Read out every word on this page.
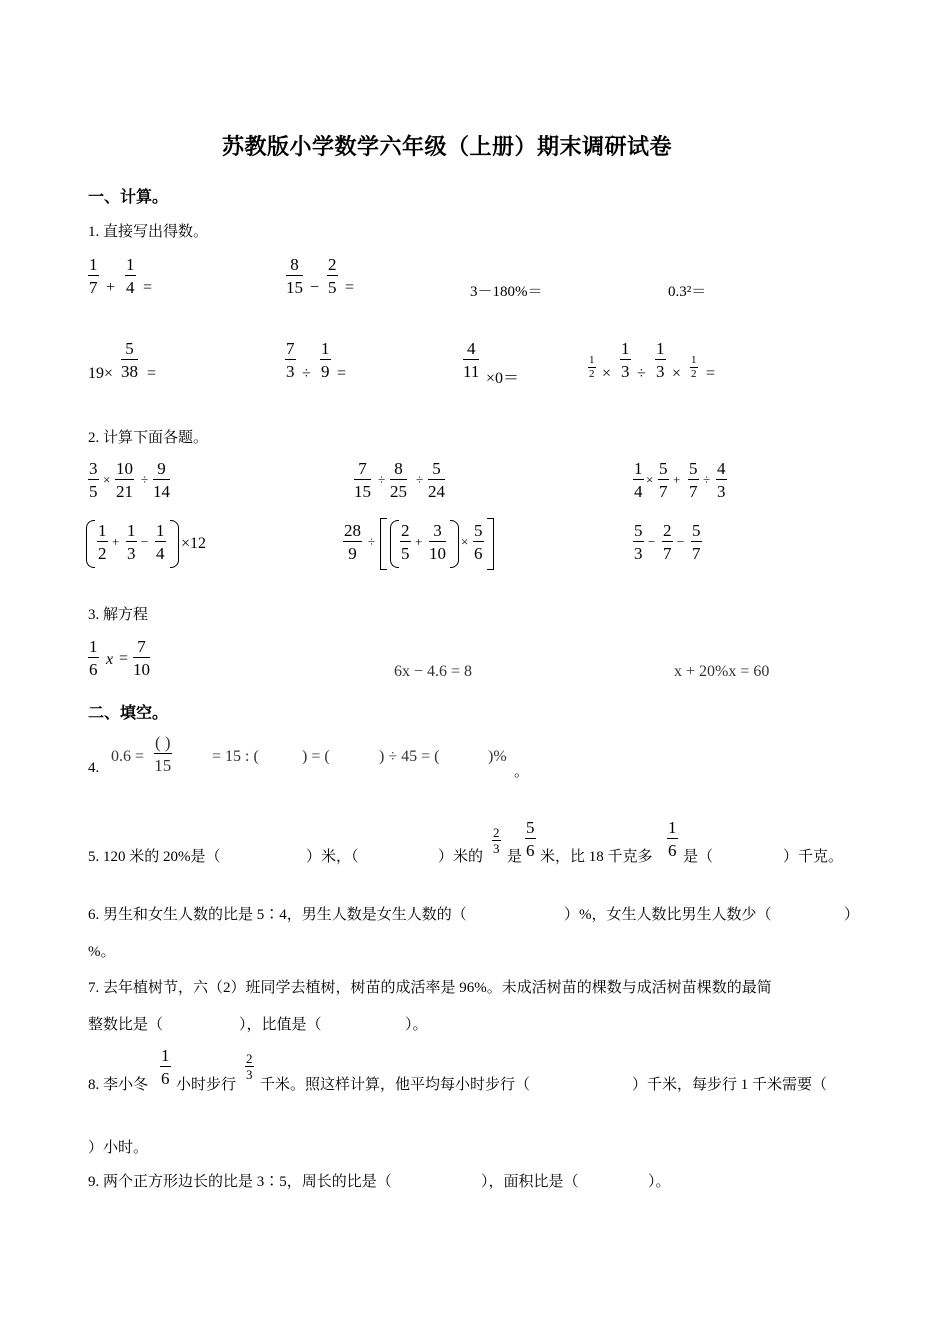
苏教版小学数学六年级（上册）期末调研试卷
一、计算。
1. 直接写出得数。
$\frac{1}{7} + \frac{1}{4}$ =	$\frac{8}{15} - \frac{2}{5}$ =	3－180%＝	0.3²＝
$19\times \frac{5}{38}$ =	$\frac{7}{3} \div \frac{1}{9}$ =	$\frac{4}{11} \times 0=$	$\frac{1}{2} \times \frac{1}{3} \div \frac{1}{3} \times \frac{1}{2}$ =
2. 计算下面各题。
$\frac{3}{5} \times \frac{10}{21} \div \frac{9}{14}$	$\frac{7}{15} \div \frac{8}{25} \div \frac{5}{24}$	$\frac{1}{4} \times \frac{5}{7} + \frac{5}{7} \div \frac{4}{3}$
$\frac{1}{2} + \frac{1}{3} - \frac{1}{4} \times 12$	$\frac{28}{9} \div \frac{2}{5} + \frac{3}{10} \times \frac{5}{6}$	$\frac{5}{3} - \frac{2}{7} - \frac{5}{7}$
3. 解方程
$\frac{1}{6}$ $x = \frac{7}{10}$	6x − 4.6 = 8	x + 20%x = 60
二、填空。
4.
0.6 =
( )
15	= 15 : (	) = (	) ÷ 45 = (	)%
。
5. 120 米的 20%是（	）米，（	）米的
$\frac{2}{3}$
是 $\frac{5}{6}$ 米，比 18 千克多 $\frac{1}{6}$ 是（	）千克。
6. 男生和女生人数的比是 5∶4，男生人数是女生人数的（	）%，女生人数比男生人数少（	）
%。
7. 去年植树节，六（2）班同学去植树，树苗的成活率是 96%。未成活树苗的棵数与成活树苗棵数的最简
整数比是（	），比值是（	）。
8. 李小冬 $\frac{1}{6}$ 小时步行
$\frac{2}{3}$
千米。照这样计算，他平均每小时步行（	）千米，每步行 1 千米需要（
）小时。
9. 两个正方形边长的比是 3∶5，周长的比是（	），面积比是（	）。
